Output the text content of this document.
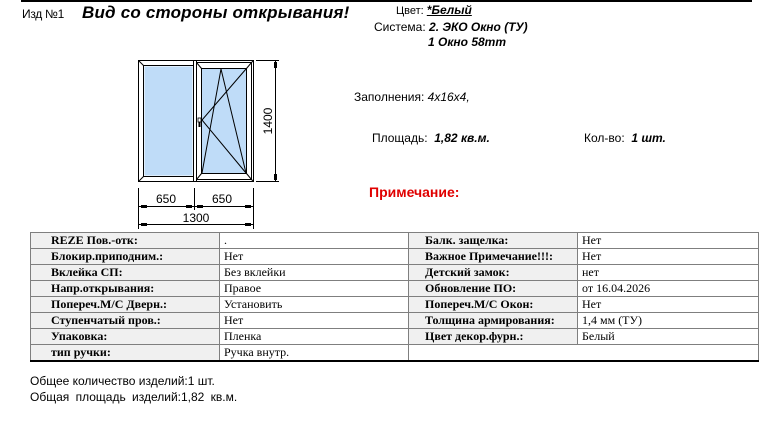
Изд №1 Вид со стороны открывания!	Цвет: *Белый
Система: 2. ЭКО Окно (ТУ)
1 Окно 58mm
Заполнения: 4x16x4,
Площадь: 1,82 кв.м.	Кол-во: 1 шт.
Примечание:
1400
650	650
1300
REZE Пов.-отк:	.	Балк. защелка:	Нет
Блокир.приподним.:	Нет	Важное Примечание!!!:	Нет
Вклейка СП:	Без вклейки	Детский замок:	нет
Напр.открывания:	Правое	Обновление ПО:	от 16.04.2026
Попереч.М/С Дверн.:	Установить	Попереч.М/С Окон:	Нет
Ступенчатый пров.:	Нет	Толщина армирования:	1,4 мм (ТУ)
Упаковка:	Пленка	Цвет декор.фурн.:	Белый
тип ручки:	Ручка внутр.		
Общее количество изделий:1 шт.
Общая площадь изделий:1,82 кв.м.
